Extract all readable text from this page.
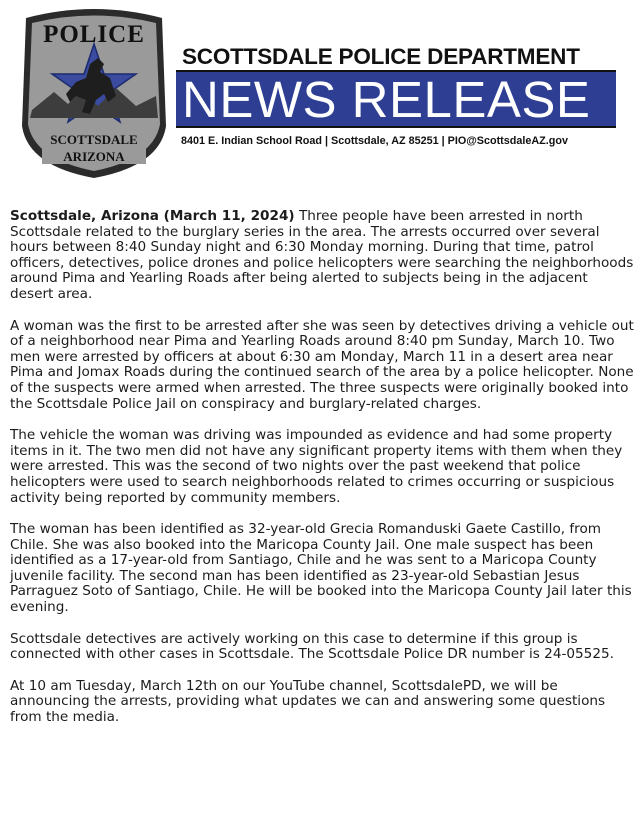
POLICE
SCOTTSDALE
ARIZONA
SCOTTSDALE POLICE DEPARTMENT
NEWS RELEASE
8401 E. Indian School Road | Scottsdale, AZ 85251 | PIO@ScottsdaleAZ.gov

Scottsdale, Arizona (March 11, 2024) Three people have been arrested in north Scottsdale related to the burglary series in the area. The arrests occurred over several hours between 8:40 Sunday night and 6:30 Monday morning. During that time, patrol officers, detectives, police drones and police helicopters were searching the neighborhoods around Pima and Yearling Roads after being alerted to subjects being in the adjacent desert area.

A woman was the first to be arrested after she was seen by detectives driving a vehicle out of a neighborhood near Pima and Yearling Roads around 8:40 pm Sunday, March 10. Two men were arrested by officers at about 6:30 am Monday, March 11 in a desert area near Pima and Jomax Roads during the continued search of the area by a police helicopter. None of the suspects were armed when arrested. The three suspects were originally booked into the Scottsdale Police Jail on conspiracy and burglary-related charges.

The vehicle the woman was driving was impounded as evidence and had some property items in it. The two men did not have any significant property items with them when they were arrested. This was the second of two nights over the past weekend that police helicopters were used to search neighborhoods related to crimes occurring or suspicious activity being reported by community members.

The woman has been identified as 32-year-old Grecia Romanduski Gaete Castillo, from Chile. She was also booked into the Maricopa County Jail. One male suspect has been identified as a 17-year-old from Santiago, Chile and he was sent to a Maricopa County juvenile facility. The second man has been identified as 23-year-old Sebastian Jesus Parraguez Soto of Santiago, Chile. He will be booked into the Maricopa County Jail later this evening.

Scottsdale detectives are actively working on this case to determine if this group is connected with other cases in Scottsdale. The Scottsdale Police DR number is 24-05525.

At 10 am Tuesday, March 12th on our YouTube channel, ScottsdalePD, we will be announcing the arrests, providing what updates we can and answering some questions from the media.
